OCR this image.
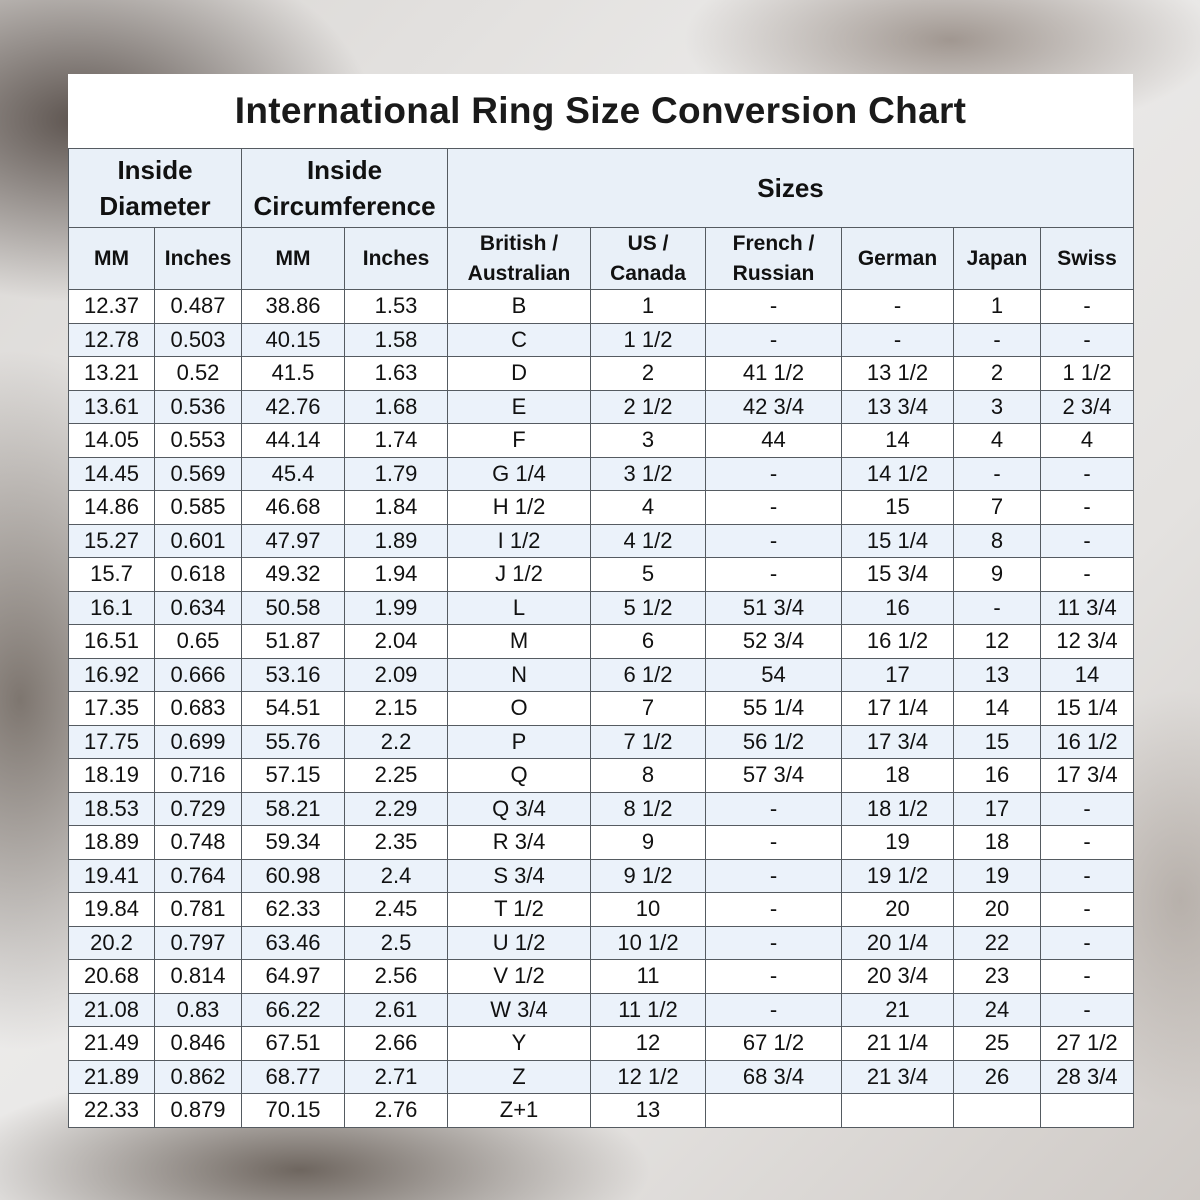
International Ring Size Conversion Chart
Inside Diameter		Inside Circumference		Sizes					
MM	Inches	MM	Inches	British / Australian	US / Canada	French / Russian	German	Japan	Swiss
12.37	0.487	38.86	1.53	B	1	-	-	1	-
12.78	0.503	40.15	1.58	C	1 1/2	-	-	-	-
13.21	0.52	41.5	1.63	D	2	41 1/2	13 1/2	2	1 1/2
13.61	0.536	42.76	1.68	E	2 1/2	42 3/4	13 3/4	3	2 3/4
14.05	0.553	44.14	1.74	F	3	44	14	4	4
14.45	0.569	45.4	1.79	G 1/4	3 1/2	-	14 1/2	-	-
14.86	0.585	46.68	1.84	H 1/2	4	-	15	7	-
15.27	0.601	47.97	1.89	I 1/2	4 1/2	-	15 1/4	8	-
15.7	0.618	49.32	1.94	J 1/2	5	-	15 3/4	9	-
16.1	0.634	50.58	1.99	L	5 1/2	51 3/4	16	-	11 3/4
16.51	0.65	51.87	2.04	M	6	52 3/4	16 1/2	12	12 3/4
16.92	0.666	53.16	2.09	N	6 1/2	54	17	13	14
17.35	0.683	54.51	2.15	O	7	55 1/4	17 1/4	14	15 1/4
17.75	0.699	55.76	2.2	P	7 1/2	56 1/2	17 3/4	15	16 1/2
18.19	0.716	57.15	2.25	Q	8	57 3/4	18	16	17 3/4
18.53	0.729	58.21	2.29	Q 3/4	8 1/2	-	18 1/2	17	-
18.89	0.748	59.34	2.35	R 3/4	9	-	19	18	-
19.41	0.764	60.98	2.4	S 3/4	9 1/2	-	19 1/2	19	-
19.84	0.781	62.33	2.45	T 1/2	10	-	20	20	-
20.2	0.797	63.46	2.5	U 1/2	10 1/2	-	20 1/4	22	-
20.68	0.814	64.97	2.56	V 1/2	11	-	20 3/4	23	-
21.08	0.83	66.22	2.61	W 3/4	11 1/2	-	21	24	-
21.49	0.846	67.51	2.66	Y	12	67 1/2	21 1/4	25	27 1/2
21.89	0.862	68.77	2.71	Z	12 1/2	68 3/4	21 3/4	26	28 3/4
22.33	0.879	70.15	2.76	Z+1	13				
